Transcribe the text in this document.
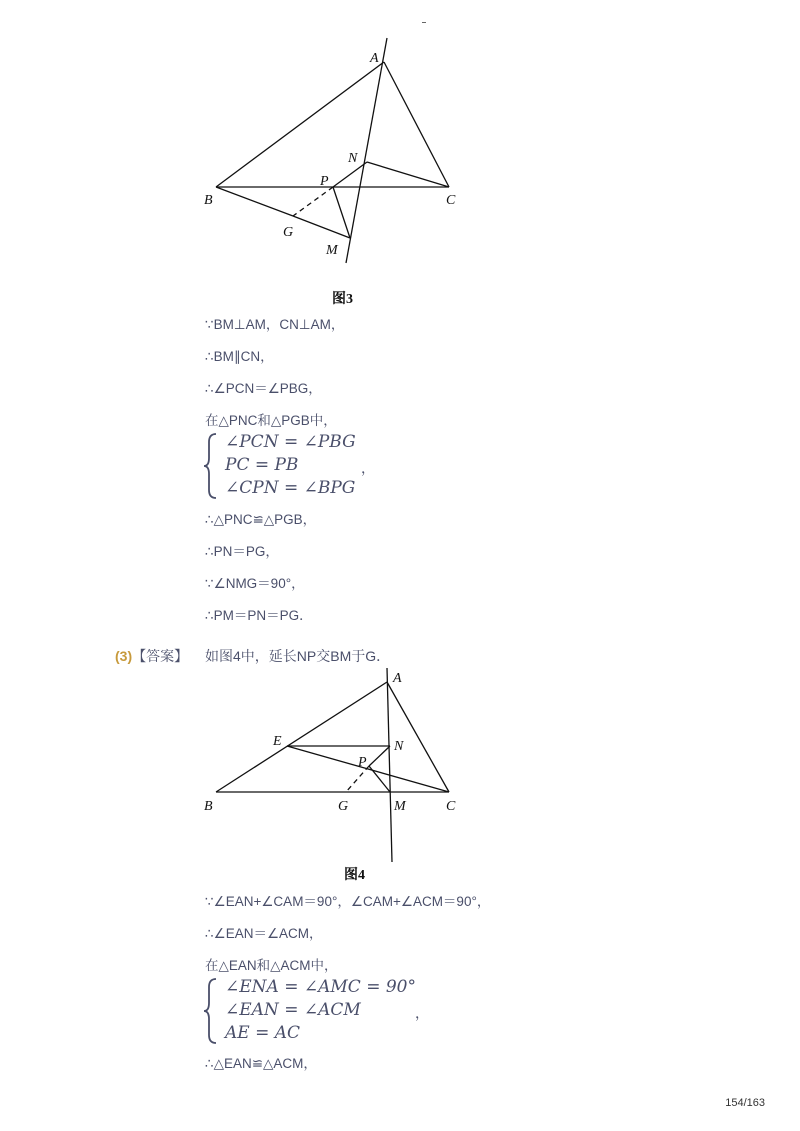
A
B	C
N
P
G
M
图3
∵BM⊥AM，CN⊥AM，
∴BM∥CN，
∴∠PCN＝∠PBG，
在△PNC和△PGB中，
∠PCN = ∠PBG
PC = PB
∠CPN = ∠BPG
，
∴△PNC≌△PGB，
∴PN＝PG，
∵∠NMG＝90°，
∴PM＝PN＝PG．
(3)【答案】 如图4中，延长NP交BM于G．
A
E	N
P
B	G	M	C
图4
∵∠EAN+∠CAM＝90°，∠CAM+∠ACM＝90°，
∴∠EAN＝∠ACM，
在△EAN和△ACM中，
∠ENA = ∠AMC = 90°
∠EAN = ∠ACM
AE = AC
，
∴△EAN≌△ACM，
154/163
